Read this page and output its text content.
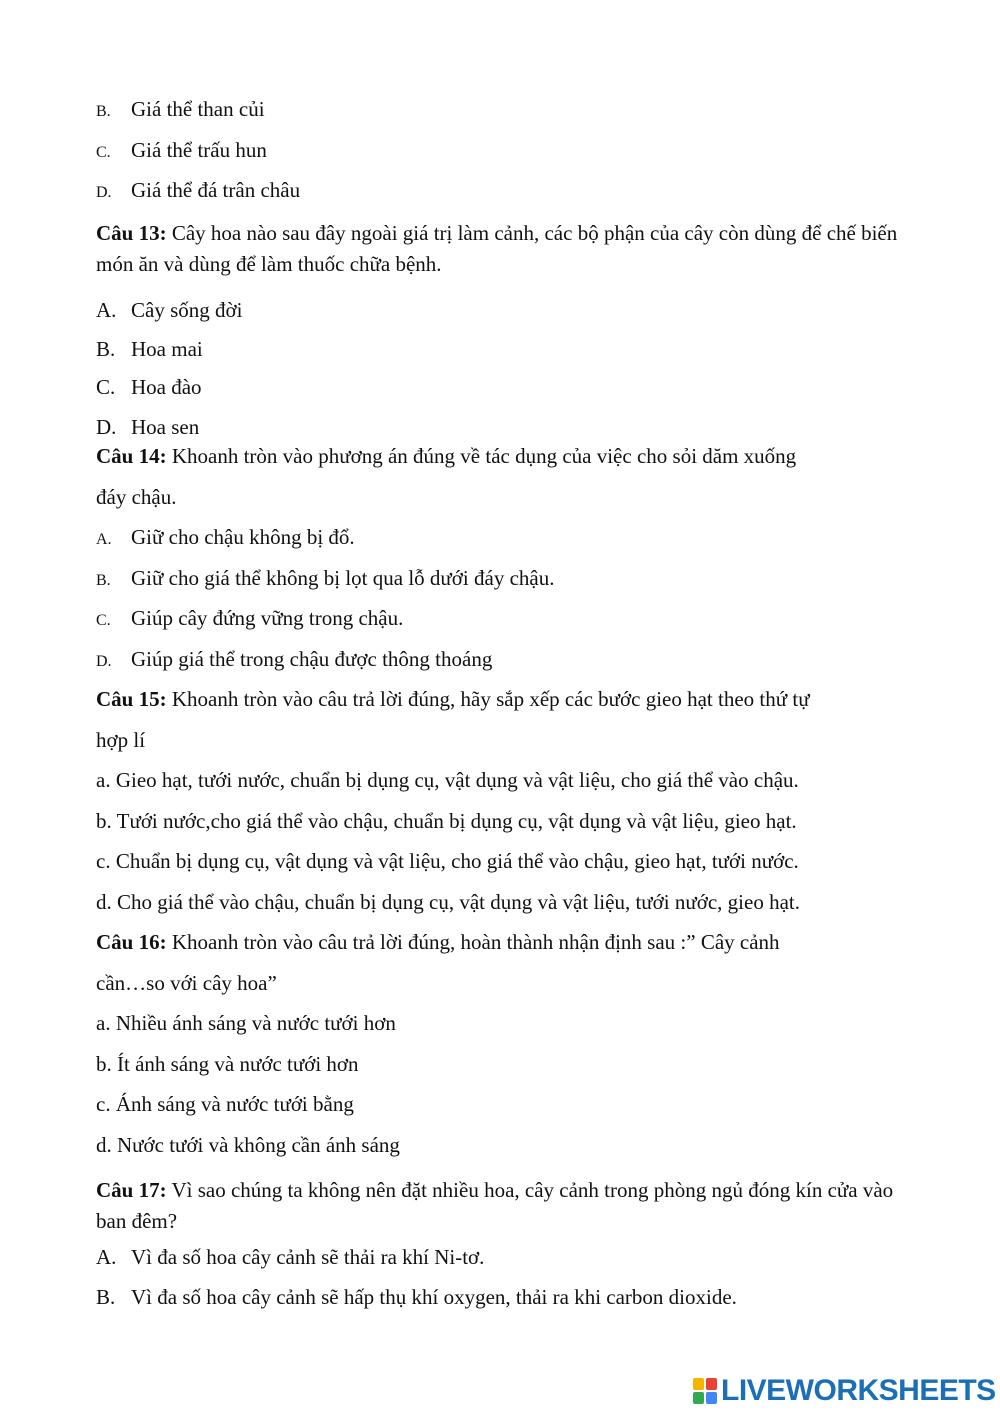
B. Giá thể than củi
C. Giá thể trấu hun
D. Giá thể đá trân châu
Câu 13: Cây hoa nào sau đây ngoài giá trị làm cảnh, các bộ phận của cây còn dùng để chế biến món ăn và dùng để làm thuốc chữa bệnh.
A. Cây sống đời
B. Hoa mai
C. Hoa đào
D. Hoa sen
Câu 14: Khoanh tròn vào phương án đúng về tác dụng của việc cho sỏi dăm xuống
đáy chậu.
A. Giữ cho chậu không bị đổ.
B. Giữ cho giá thể không bị lọt qua lỗ dưới đáy chậu.
C. Giúp cây đứng vững trong chậu.
D. Giúp giá thể trong chậu được thông thoáng
Câu 15: Khoanh tròn vào câu trả lời đúng, hãy sắp xếp các bước gieo hạt theo thứ tự
hợp lí
a. Gieo hạt, tưới nước, chuẩn bị dụng cụ, vật dụng và vật liệu, cho giá thể vào chậu.
b. Tưới nước,cho giá thể vào chậu, chuẩn bị dụng cụ, vật dụng và vật liệu, gieo hạt.
c. Chuẩn bị dụng cụ, vật dụng và vật liệu, cho giá thể vào chậu, gieo hạt, tưới nước.
d. Cho giá thể vào chậu, chuẩn bị dụng cụ, vật dụng và vật liệu, tưới nước, gieo hạt.
Câu 16: Khoanh tròn vào câu trả lời đúng, hoàn thành nhận định sau :” Cây cảnh
cần…so với cây hoa”
a. Nhiều ánh sáng và nước tưới hơn
b. Ít ánh sáng và nước tưới hơn
c. Ánh sáng và nước tưới bằng
d. Nước tưới và không cần ánh sáng
Câu 17: Vì sao chúng ta không nên đặt nhiều hoa, cây cảnh trong phòng ngủ đóng kín cửa vào ban đêm?
A. Vì đa số hoa cây cảnh sẽ thải ra khí Ni-tơ.
B. Vì đa số hoa cây cảnh sẽ hấp thụ khí oxygen, thải ra khi carbon dioxide.
LIVEWORKSHEETS
